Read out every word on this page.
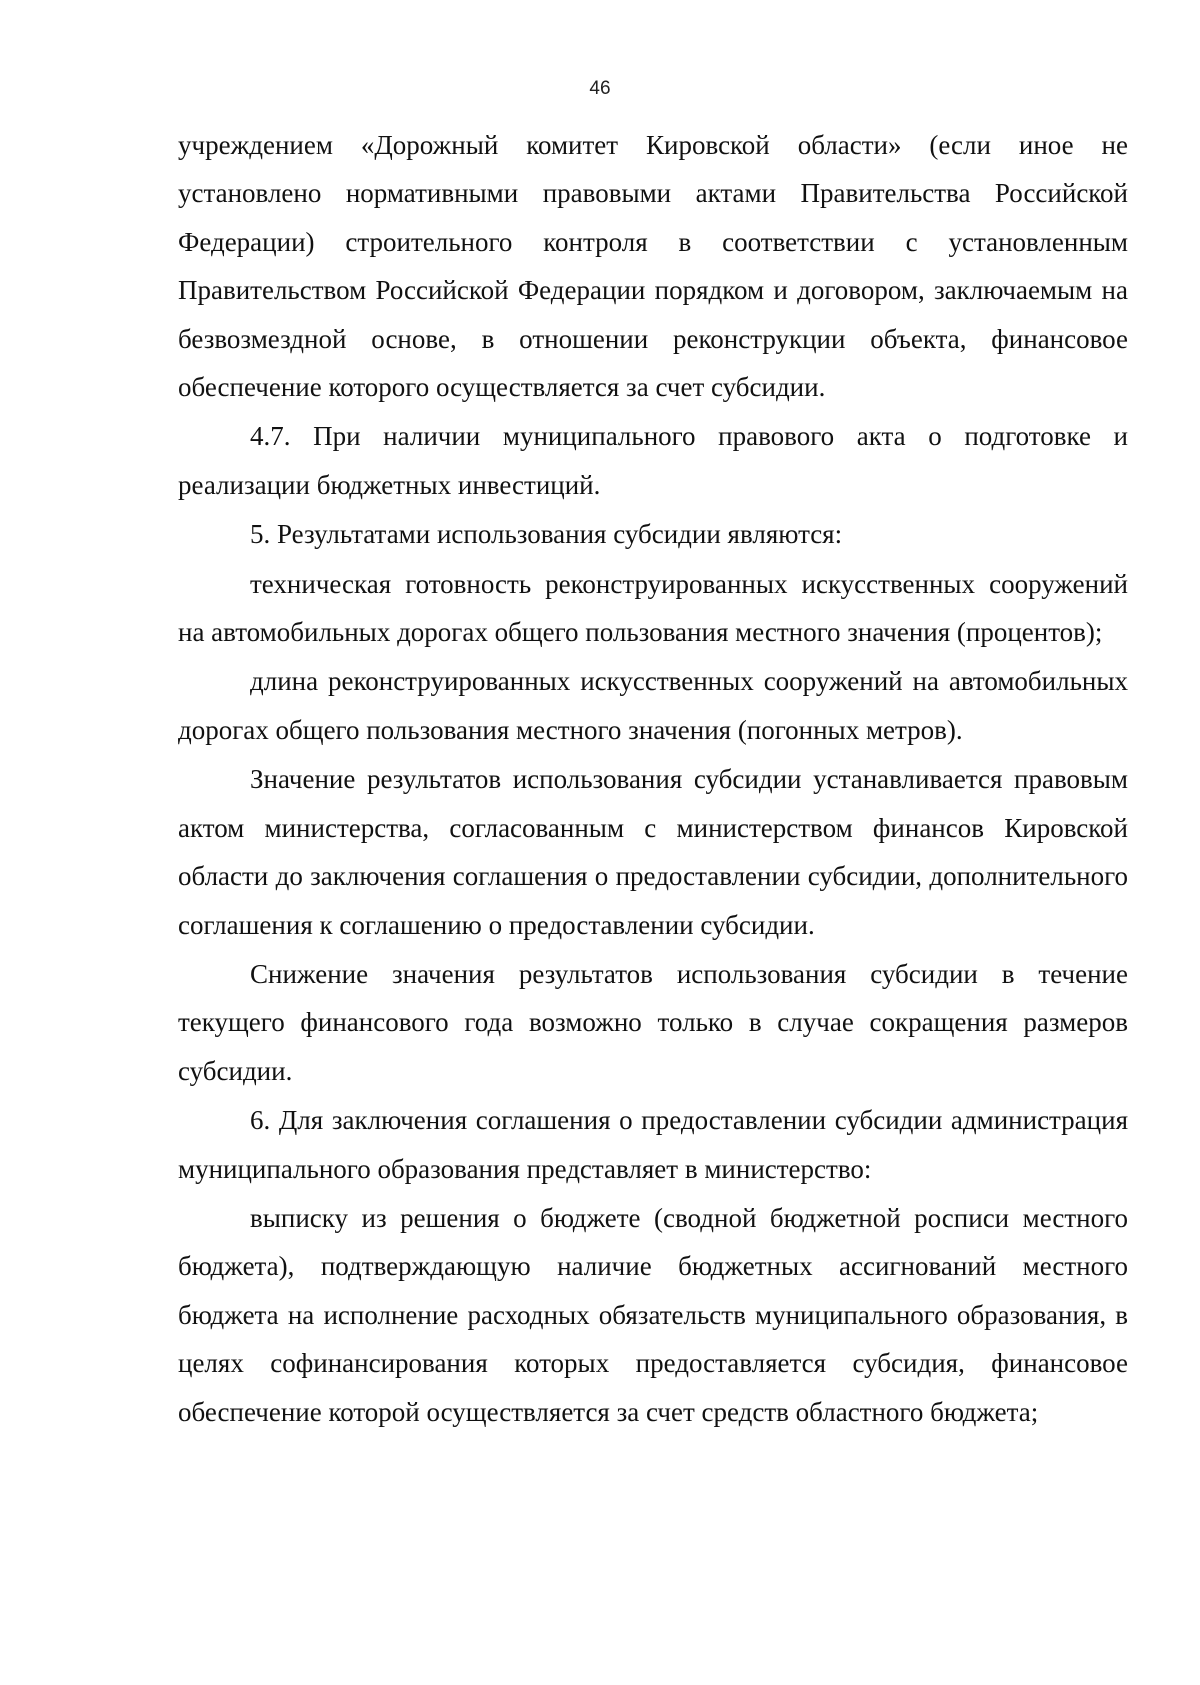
46

учреждением «Дорожный комитет Кировской области» (если иное не установлено нормативными правовыми актами Правительства Российской Федерации) строительного контроля в соответствии с установленным Правительством Российской Федерации порядком и договором, заключаемым на безвозмездной основе, в отношении реконструкции объекта, финансовое обеспечение которого осуществляется за счет субсидии.

4.7. При наличии муниципального правового акта о подготовке и реализации бюджетных инвестиций.

5. Результатами использования субсидии являются:

техническая готовность реконструированных искусственных сооружений на автомобильных дорогах общего пользования местного значения (процентов);

длина реконструированных искусственных сооружений на автомобильных дорогах общего пользования местного значения (погонных метров).

Значение результатов использования субсидии устанавливается правовым актом министерства, согласованным с министерством финансов Кировской области до заключения соглашения о предоставлении субсидии, дополнительного соглашения к соглашению о предоставлении субсидии.

Снижение значения результатов использования субсидии в течение текущего финансового года возможно только в случае сокращения размеров субсидии.

6. Для заключения соглашения о предоставлении субсидии администрация муниципального образования представляет в министерство:

выписку из решения о бюджете (сводной бюджетной росписи местного бюджета), подтверждающую наличие бюджетных ассигнований местного бюджета на исполнение расходных обязательств муниципального образования, в целях софинансирования которых предоставляется субсидия, финансовое обеспечение которой осуществляется за счет средств областного бюджета;
